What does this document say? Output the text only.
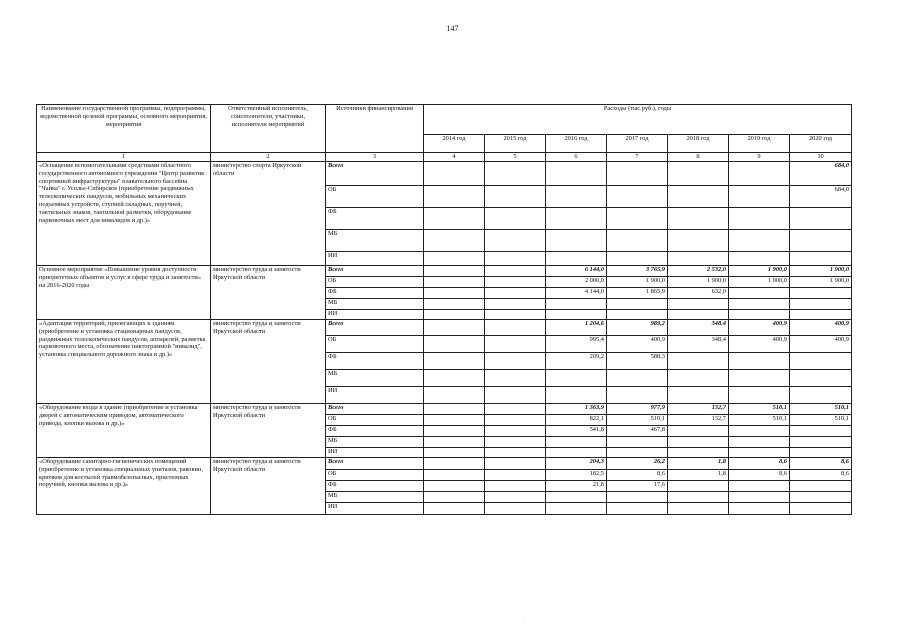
147
Наименование государственной программы, подпрограммы, ведомственной целевой программы, основного мероприятия, мероприятия	Ответственный исполнитель, соисполнители, участники, исполнители мероприятий	Источники финансирования	Расходы (тыс.руб.), годы						
			2014 год	2015 год	2016 год	2017 год	2018 год	2019 год	2020 год
1	2	3	4	5	6	7	8	9	10
«Оснащение вспомогательными средствами областного государственного автономного учреждения "Центр развития спортивной инфраструктуры" плавательного бассейна "Чайка" г. Усолье-Сибирское (приобретение раздвижных телескопических пандусов, мобильных механических подъемных устройств, ступней складных, поручней, тактильных знаков, тактильной разметки, оборудование парковочных мест для инвалидов и др.)»	министерство спорта Иркутской области	Всего							684,0
		ОБ							684,0
		ФБ							
		МБ							
		ИИ							
Основное мероприятие «Повышение уровня доступности приоритетных объектов и услуг в сфере труда и занятости» на 2016-2020 годы	министерство труда и занятости Иркутской области	Всего			6 144,0	3 765,9	2 532,0	1 900,0	1 900,0
		ОБ			2 000,0	1 900,0	1 900,0	1 900,0	1 900,0
		ФБ			4 144,0	1 865,9	632,0		
		МБ							
		ИИ							
«Адаптация территорий, прилегающих к зданиям (приобретение и установка стационарных пандусов, раздвижных телескопических пандусов, аппарелей, разметка парковочного места, обозначение пиктограммой "инвалид", установка специального дорожного знака и др.)»	министерство труда и занятости Иркутской области	Всего			1 204,6	989,2	348,4	400,9	400,9
		ОБ			995,4	400,9	348,4	400,9	400,9
		ФБ			209,2	588,3			
		МБ							
		ИИ							
«Оборудование входа в здание (приобретение и установка дверей с автоматическим приводом, автоматического привода, кнопки вызова и др.)»	министерство труда и занятости Иркутской области	Всего			1 363,9	977,9	132,7	510,1	510,1
		ОБ			822,1	510,1	132,7	510,1	510,1
		ФБ			541,8	467,8			
		МБ							
		ИИ							
«Оборудование санитарно-гигиенических помещений (приобретение и установка специальных унитазов, раковин, крючков для костылей травмобезопасных, пристенных поручней, кнопки вызова и др.)»	министерство труда и занятости Иркутской области	Всего			204,3	26,2	1,8	8,6	8,6
		ОБ			182,5	8,6	1,8	8,6	8,6
		ФБ			21,8	17,6			
		МБ							
		ИИ							
.
